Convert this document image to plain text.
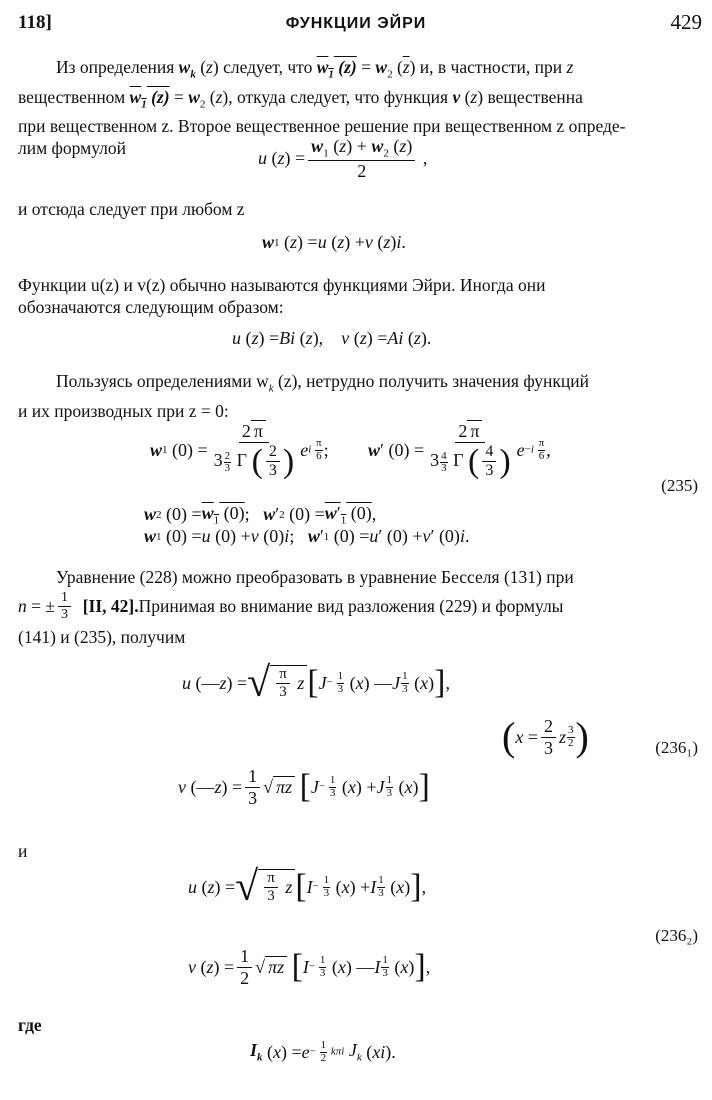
118]	ФУНКЦИИ ЭЙРИ	429
Из определения $w_k$ (z) следует, что $w_1$ $(z) = w_2$ $(\overline{z})$ и, в частности, при z
вещественном $w_1$ $(z) = w_2$ (z), откуда следует, что функция v (z) вещественна
при вещественном z. Второе вещественное решение при вещественном z опреде-
лим формулой
u ( z ) = $\frac{w_1 (z) + w_2 (z)}{2}$ ,
и отсюда следует при любом z
w 1 ( z ) = u ( z ) + v ( z ) i .
Функции u(z) и v(z) обычно называются функциями Эйри. Иногда они
обозначаются следующим образом:
u ( z ) = Bi ( z ), v ( z ) = Ai ( z ).
Пользуясь определениями $w_k$ (z), нетрудно получить значения функций
и их производных при z = 0:
w 1 (0) = 2 π
3 $^{\frac{2}{3}}$ Γ ( $\frac{2}{3}$ ) e i $\frac{\pi}{6}$ ; w ′ (0) = 2 π
3 $^{\frac{4}{3}}$ Γ ( $\frac{4}{3}$ ) $e -i \frac{\pi}{6}$ ,
(235)
w 2 $(0) = w_1$ (0) ; w ′ 2 $(0) = w'_1$ (0) ,
w 1 (0) = u (0) + v (0) i ; w ′ 1 (0) = u ′ (0) + v ′ (0) i .
Уравнение (228) можно преобразовать в уравнение Бесселя (131) при
n = ± $\frac{1}{3}$
[II, 42]. Принимая во внимание вид разложения (229) и формулы
(141) и (235), получим
u (— z ) = √ $\frac{\pi}{3}$
z [ $J - \frac{1}{3}$ ( x ) — J $\frac{1}{3}$ ( x ) ] ,
( $x = \frac{2}{3}$ z $\frac{3}{2}$ )	(236₁)
v (— z ) = $\frac{1}{3}$ √ πz
[ $J - \frac{1}{3}$ ( x ) + J $\frac{1}{3}$ ( x ) ]
и
u ( z ) = √ $\frac{\pi}{3}$
z [ $I - \frac{1}{3}$ ( x ) + I $\frac{1}{3}$ ( x ) ] ,
(236₂)
v ( z ) = $\frac{1}{2}$ √ πz
[ $I - \frac{1}{3}$ ( x ) — I $\frac{1}{3}$ ( x ) ] ,
где
$I_k$ ( x ) = $e - \frac{1}{2}$ kπi
$J_k$ ( xi ).
